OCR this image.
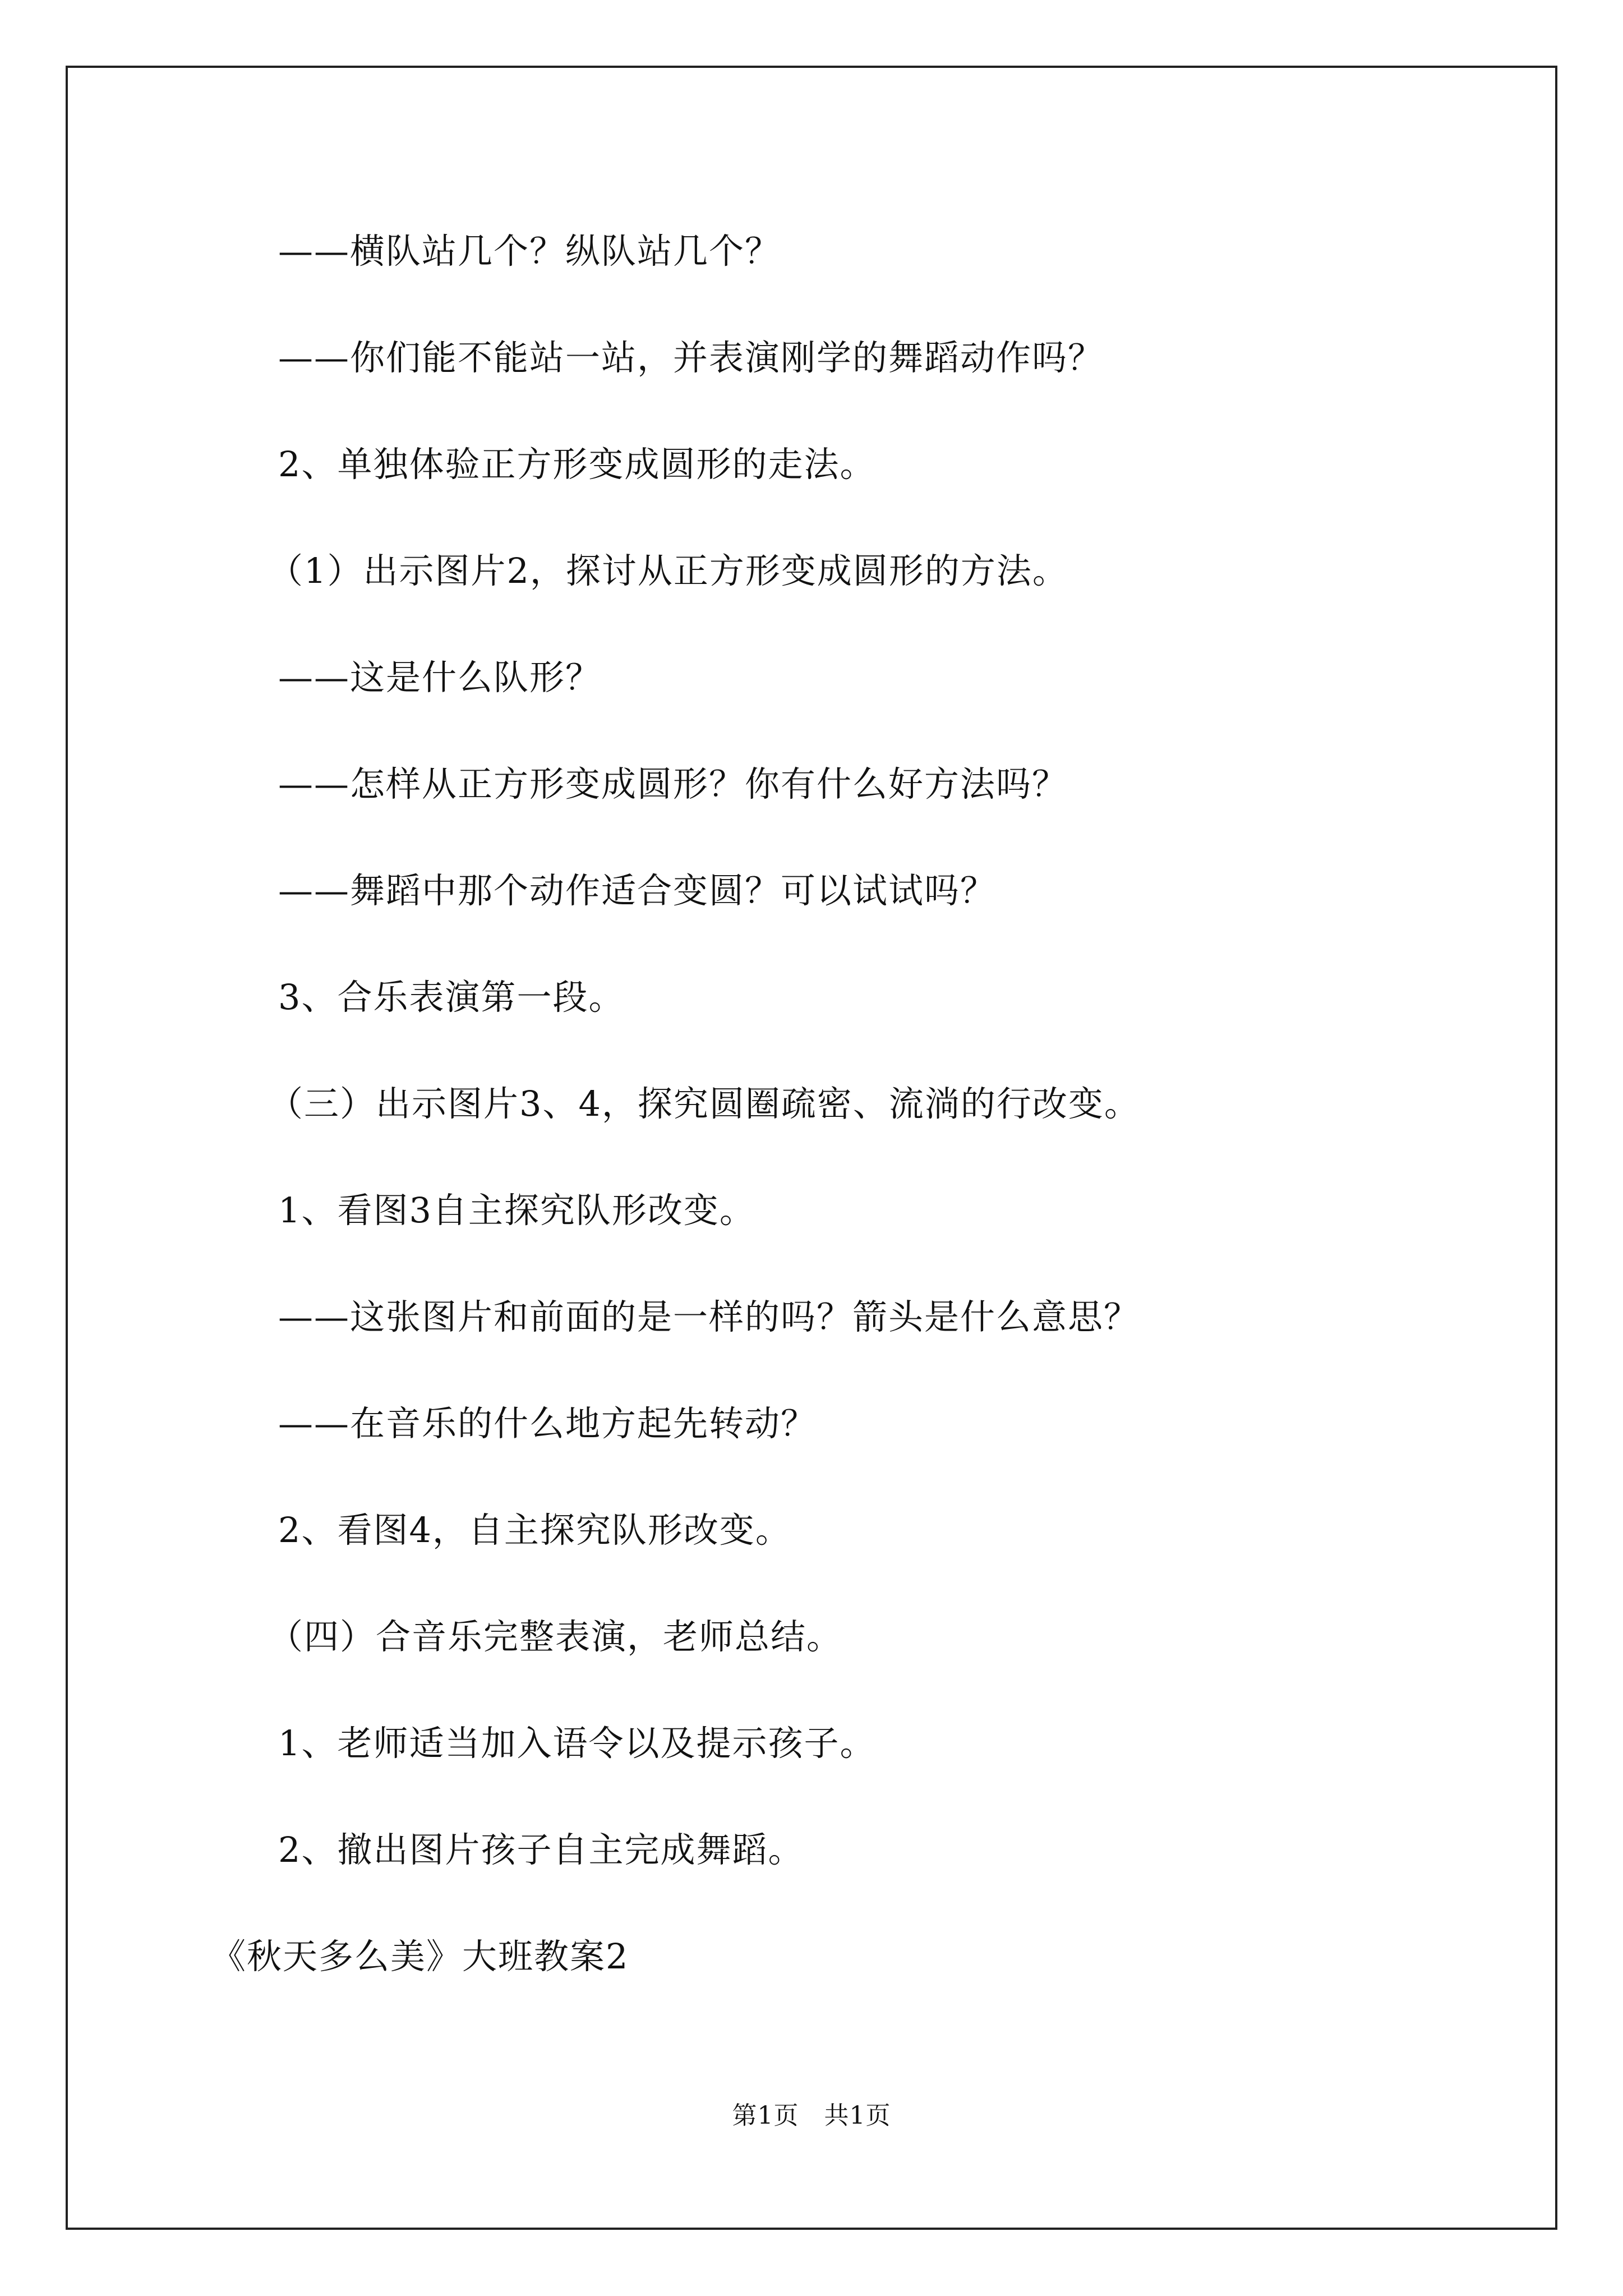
——横队站几个？纵队站几个？
——你们能不能站一站，并表演刚学的舞蹈动作吗？
2、单独体验正方形变成圆形的走法。
（1）出示图片2，探讨从正方形变成圆形的方法。
——这是什么队形？
——怎样从正方形变成圆形？你有什么好方法吗？
——舞蹈中那个动作适合变圆？可以试试吗？
3、合乐表演第一段。
（三）出示图片3、4，探究圆圈疏密、流淌的行改变。
1、看图3自主探究队形改变。
——这张图片和前面的是一样的吗？箭头是什么意思？
——在音乐的什么地方起先转动？
2、看图4，自主探究队形改变。
（四）合音乐完整表演，老师总结。
1、老师适当加入语令以及提示孩子。
2、撤出图片孩子自主完成舞蹈。
《秋天多么美》大班教案2
第1页　共1页
